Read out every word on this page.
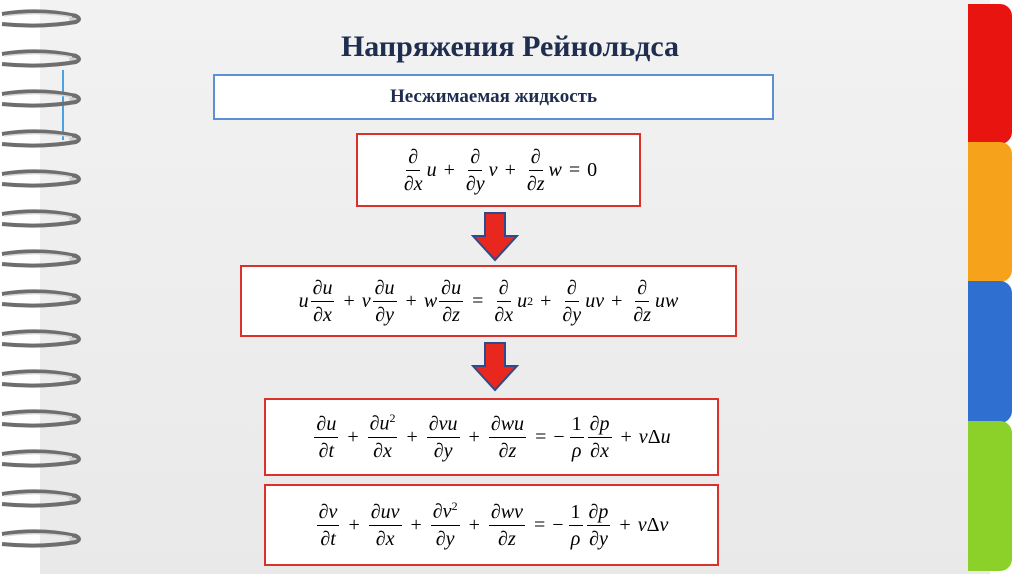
Напряжения Рейнольдса
Несжимаемая жидкость
$\frac{\partial}{\partial x}$ $u + \frac{\partial}{\partial y}$ $v + \frac{\partial}{\partial z}$ w = 0
u $\frac{\partial u}{\partial x} + v \frac{\partial u}{\partial y} + w \frac{\partial u}{\partial z} = \frac{\partial}{\partial x}$ u $2 + \frac{\partial}{\partial y}$ uv + $\frac{\partial}{\partial z}$ uw
$\frac{\partial u}{\partial t} + \frac{\partial u^2}{\partial x} + \frac{\partial vu}{\partial y} + \frac{\partial wu}{\partial z}$ = − $\frac{1}{\rho} \frac{\partial p}{\partial x} + \nu$ Δ u
$\frac{\partial v}{\partial t} + \frac{\partial uv}{\partial x} + \frac{\partial v^2}{\partial y} + \frac{\partial wv}{\partial z}$ = − $\frac{1}{\rho} \frac{\partial p}{\partial y} + \nu$ Δ v
